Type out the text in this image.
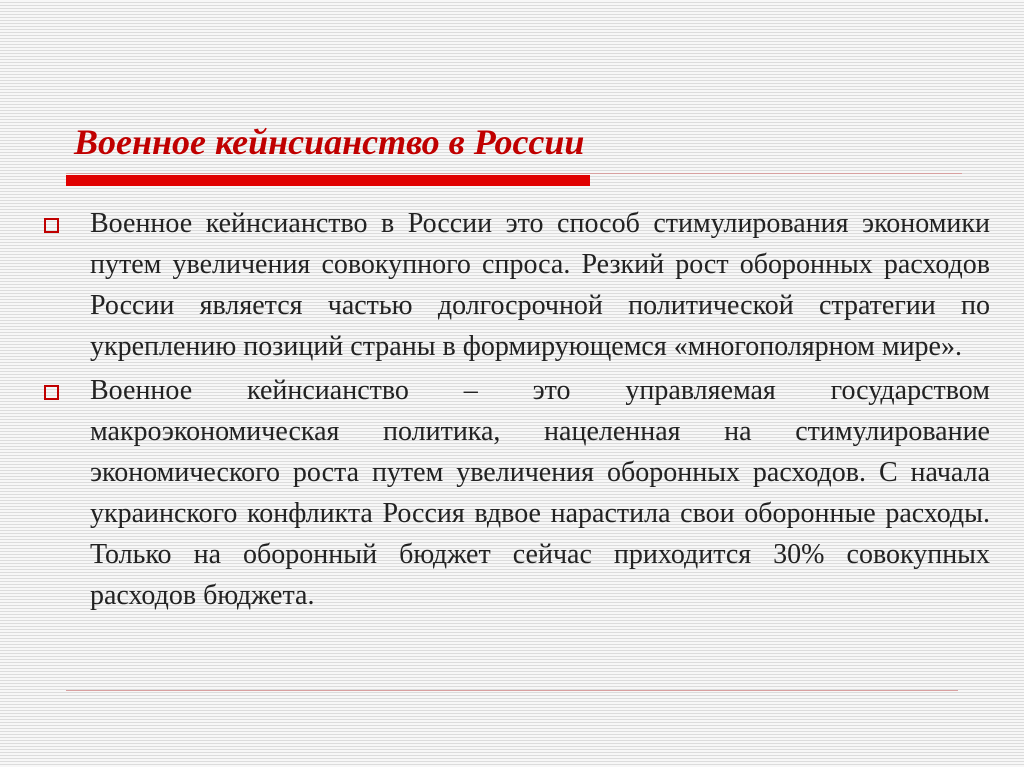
Военное кейнсианство в России

Военное кейнсианство в России это способ стимулирования экономики путем увеличения совокупного спроса. Резкий рост оборонных расходов России является частью долгосрочной политической стратегии по укреплению позиций страны в формирующемся «многополярном мире».

Военное кейнсианство – это управляемая государством макроэкономическая политика, нацеленная на стимулирование экономического роста путем увеличения оборонных расходов. С начала украинского конфликта Россия вдвое нарастила свои оборонные расходы. Только на оборонный бюджет сейчас приходится 30% совокупных расходов бюджета.
